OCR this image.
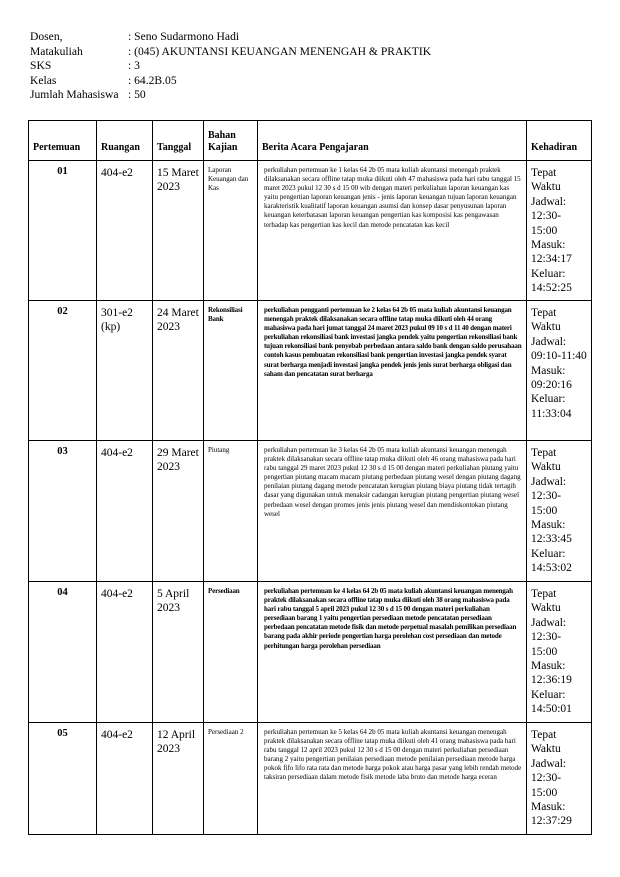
Dosen,	: Seno Sudarmono Hadi
Matakuliah	: (045) AKUNTANSI KEUANGAN MENENGAH & PRAKTIK
SKS	: 3
Kelas	: 64.2B.05
Jumlah Mahasiswa : 50
Pertemuan	Ruangan	Tanggal	Bahan Kajian	Berita Acara Pengajaran	Kehadiran
01	404-e2	15 Maret 2023	Laporan Keuangan dan Kas	perkuliahan pertemuan ke 1 kelas 64 2b 05 mata kuliah akuntansi menengah praktek dilaksanakan secara offline tatap muka diikuti oleh 47 mahasiswa pada hari rabu tanggal 15 maret 2023 pukul 12 30 s d 15 00 wib dengan materi perkuliahan laporan keuangan kas yaitu pengertian laporan keuangan jenis - jenis laporan keuangan tujuan laporan keuangan karakteristik kualitatif laporan keuangan asumsi dan konsep dasar penyusunan laporan keuangan keterbatasan laporan keuangan pengertian kas komposisi kas pengawasan terhadap kas pengertian kas kecil dan metode pencatatan kas kecil	Tepat Waktu Jadwal: 12:30-15:00 Masuk: 12:34:17 Keluar: 14:52:25
02	301-e2 (kp)	24 Maret 2023	Rekonsiliasi Bank	perkuliahan pengganti pertemuan ke 2 kelas 64 2b 05 mata kuliah akuntansi keuangan menengah praktek dilaksanakan secara offline tatap muka diikuti oleh 44 orang mahasiswa pada hari jumat tanggal 24 maret 2023 pukul 09 10 s d 11 40 dengan materi perkuliahan rekonsiliasi bank investasi jangka pendek yaitu pengertian rekonsiliasi bank tujuan rekonsiliasi bank penyebab perbedaan antara saldo bank dengan saldo perusahaan contoh kasus pembuatan rekonsiliasi bank pengertian investasi jangka pendek syarat surat berharga menjadi investasi jangka pendek jenis jenis surat berharga obligasi dan saham dan pencatatan surat berharga	Tepat Waktu Jadwal: 09:10-11:40 Masuk: 09:20:16 Keluar: 11:33:04
03	404-e2	29 Maret 2023	Piutang	perkuliahan pertemuan ke 3 kelas 64 2b 05 mata kuliah akuntansi keuangan menengah praktek dilaksanakan secara offline tatap muka diikuti oleh 46 orang mahasiswa pada hari rabu tanggal 29 maret 2023 pukul 12 30 s d 15 00 dengan materi perkuliahan piutang yaitu pengertian piutang macam macam piutang perbedaan piutang wesel dengan piutang dagang penilaian piutang dagang metode pencatatan kerugian piutang biaya piutang tidak tertagih dasar yang digunakan untuk menaksir cadangan kerugian piutang pengertian piutang wesel perbedaan wesel dengan promes jenis jenis piutang wesel dan mendiskontokan piutang wesel	Tepat Waktu Jadwal: 12:30-15:00 Masuk: 12:33:45 Keluar: 14:53:02
04	404-e2	5 April 2023	Persediaan	perkuliahan pertemuan ke 4 kelas 64 2b 05 mata kuliah akuntansi keuangan menengah praktek dilaksanakan secara offline tatap muka diikuti oleh 38 orang mahasiswa pada hari rabu tanggal 5 april 2023 pukul 12 30 s d 15 00 dengan materi perkuliahan persediaan barang 1 yaitu pengertian persediaan metode pencatatan persediaan perbedaan pencatatan metode fisik dan metode perpetual masalah pemilikan persediaan barang pada akhir periode pengertian harga perolehan cost persediaan dan metode perhitungan harga perolehan persediaan	Tepat Waktu Jadwal: 12:30-15:00 Masuk: 12:36:19 Keluar: 14:50:01
05	404-e2	12 April 2023	Persediaan 2	perkuliahan pertemuan ke 5 kelas 64 2b 05 mata kuliah akuntansi keuangan menengah praktek dilaksanakan secara offline tatap muka diikuti oleh 41 orang mahasiswa pada hari rabu tanggal 12 april 2023 pukul 12 30 s d 15 00 dengan materi perkuliahan persediaan barang 2 yaitu pengertian penilaian persediaan metode penilaian persediaan metode harga pokok fifo lifo rata rata dan metode harga pokok atau harga pasar yang lebih rendah metode taksiran persediaan dalam metode fisik metode laba bruto dan metode harga eceran	Tepat Waktu Jadwal: 12:30-15:00 Masuk: 12:37:29
